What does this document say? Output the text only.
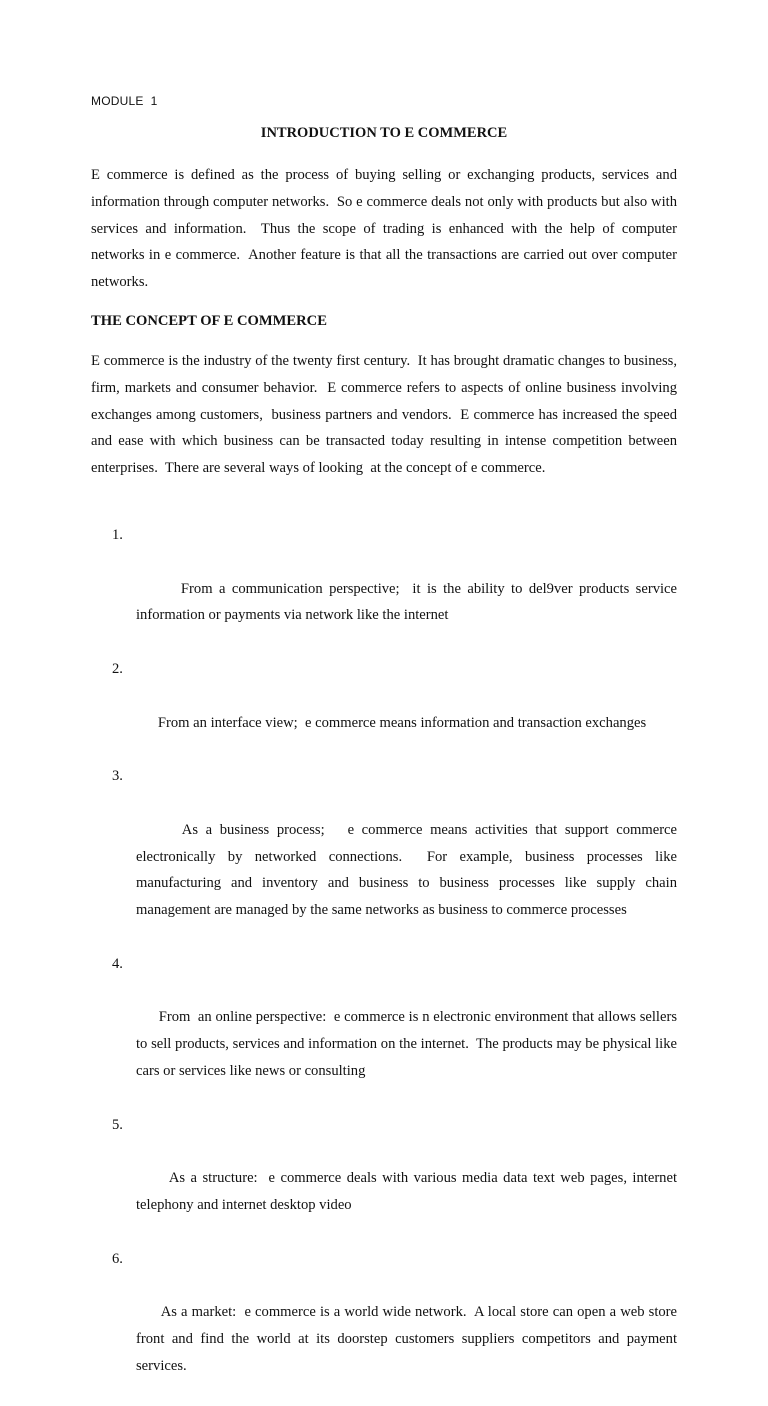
MODULE  1
INTRODUCTION TO E COMMERCE

E commerce is defined as the process of buying selling or exchanging products, services and information through computer networks.  So e commerce deals not only with products but also with services and information.  Thus the scope of trading is enhanced with the help of computer networks in e commerce.  Another feature is that all the transactions are carried out over computer networks.

THE CONCEPT OF E COMMERCE

E commerce is the industry of the twenty first century.  It has brought dramatic changes to business, firm, markets and consumer behavior.  E commerce refers to aspects of online business involving exchanges among customers,  business partners and vendors.  E commerce has increased the speed and ease with which business can be transacted today resulting in intense competition between enterprises.  There are several ways of looking  at the concept of e commerce.

1.

From a communication perspective;  it is the ability to del9ver products service information or payments via network like the internet

2.

From an interface view;  e commerce means information and transaction exchanges

3.

As a business process;   e commerce means activities that support commerce electronically by networked connections.  For example, business processes like manufacturing and inventory and business to business processes like supply chain management are managed by the same networks as business to commerce processes

4.

From  an online perspective:  e commerce is n electronic environment that allows sellers to sell products, services and information on the internet.  The products may be physical like cars or services like news or consulting

5.

As a structure:  e commerce deals with various media data text web pages, internet telephony and internet desktop video

6.

As a market:  e commerce is a world wide network.  A local store can open a web store front and find the world at its doorstep customers suppliers competitors and payment services.
